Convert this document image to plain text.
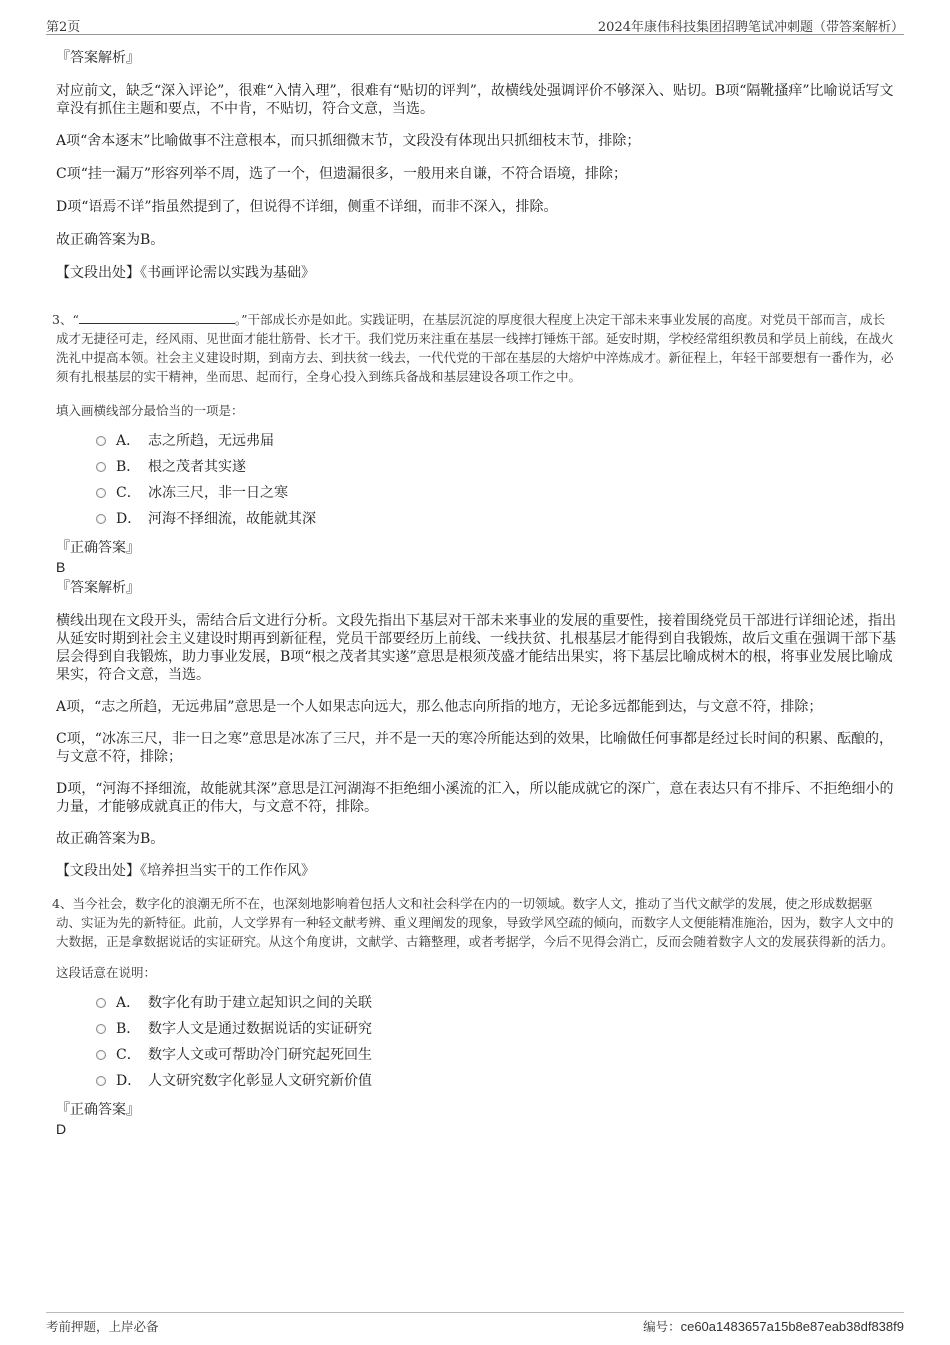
第2页	2024年康伟科技集团招聘笔试冲刺题（带答案解析）

『答案解析』

对应前文，缺乏“深入评论”，很难“入情入理”，很难有“贴切的评判”，故横线处强调评价不够深入、贴切。B项“隔靴搔痒”比喻说话写文章没有抓住主题和要点，不中肯，不贴切，符合文意，当选。

A项“舍本逐末”比喻做事不注意根本，而只抓细微末节，文段没有体现出只抓细枝末节，排除；

C项“挂一漏万”形容列举不周，选了一个，但遗漏很多，一般用来自谦，不符合语境，排除；

D项“语焉不详”指虽然提到了，但说得不详细，侧重不详细，而非不深入，排除。

故正确答案为B。

【文段出处】《书画评论需以实践为基础》

3、“	。”干部成长亦是如此。实践证明，在基层沉淀的厚度很大程度上决定干部未来事业发展的高度。对党员干部而言，成长成才无捷径可走，经风雨、见世面才能壮筋骨、长才干。我们党历来注重在基层一线摔打锤炼干部。延安时期，学校经常组织教员和学员上前线，在战火洗礼中提高本领。社会主义建设时期，到南方去、到扶贫一线去，一代代党的干部在基层的大熔炉中淬炼成才。新征程上，年轻干部要想有一番作为，必须有扎根基层的实干精神，坐而思、起而行，全身心投入到练兵备战和基层建设各项工作之中。

填入画横线部分最恰当的一项是：

A． 志之所趋，无远弗届
B． 根之茂者其实遂
C． 冰冻三尺，非一日之寒
D． 河海不择细流，故能就其深

『正确答案』

B

『答案解析』

横线出现在文段开头，需结合后文进行分析。文段先指出下基层对干部未来事业的发展的重要性，接着围绕党员干部进行详细论述，指出从延安时期到社会主义建设时期再到新征程，党员干部要经历上前线、一线扶贫、扎根基层才能得到自我锻炼，故后文重在强调干部下基层会得到自我锻炼，助力事业发展，B项“根之茂者其实遂”意思是根须茂盛才能结出果实，将下基层比喻成树木的根，将事业发展比喻成果实，符合文意，当选。

A项，“志之所趋，无远弗届”意思是一个人如果志向远大，那么他志向所指的地方，无论多远都能到达，与文意不符，排除；

C项，“冰冻三尺，非一日之寒”意思是冰冻了三尺，并不是一天的寒冷所能达到的效果，比喻做任何事都是经过长时间的积累、酝酿的，与文意不符，排除；

D项，“河海不择细流，故能就其深”意思是江河湖海不拒绝细小溪流的汇入，所以能成就它的深广，意在表达只有不排斥、不拒绝细小的力量，才能够成就真正的伟大，与文意不符，排除。

故正确答案为B。

【文段出处】《培养担当实干的工作作风》

4、当今社会，数字化的浪潮无所不在，也深刻地影响着包括人文和社会科学在内的一切领域。数字人文，推动了当代文献学的发展，使之形成数据驱动、实证为先的新特征。此前，人文学界有一种轻文献考辨、重义理阐发的现象，导致学风空疏的倾向，而数字人文便能精准施治，因为，数字人文中的大数据，正是拿数据说话的实证研究。从这个角度讲，文献学、古籍整理，或者考据学，今后不见得会消亡，反而会随着数字人文的发展获得新的活力。

这段话意在说明：

A． 数字化有助于建立起知识之间的关联
B． 数字人文是通过数据说话的实证研究
C． 数字人文或可帮助冷门研究起死回生
D． 人文研究数字化彰显人文研究新价值

『正确答案』

D

考前押题，上岸必备	编号：ce60a1483657a15b8e87eab38df838f9
